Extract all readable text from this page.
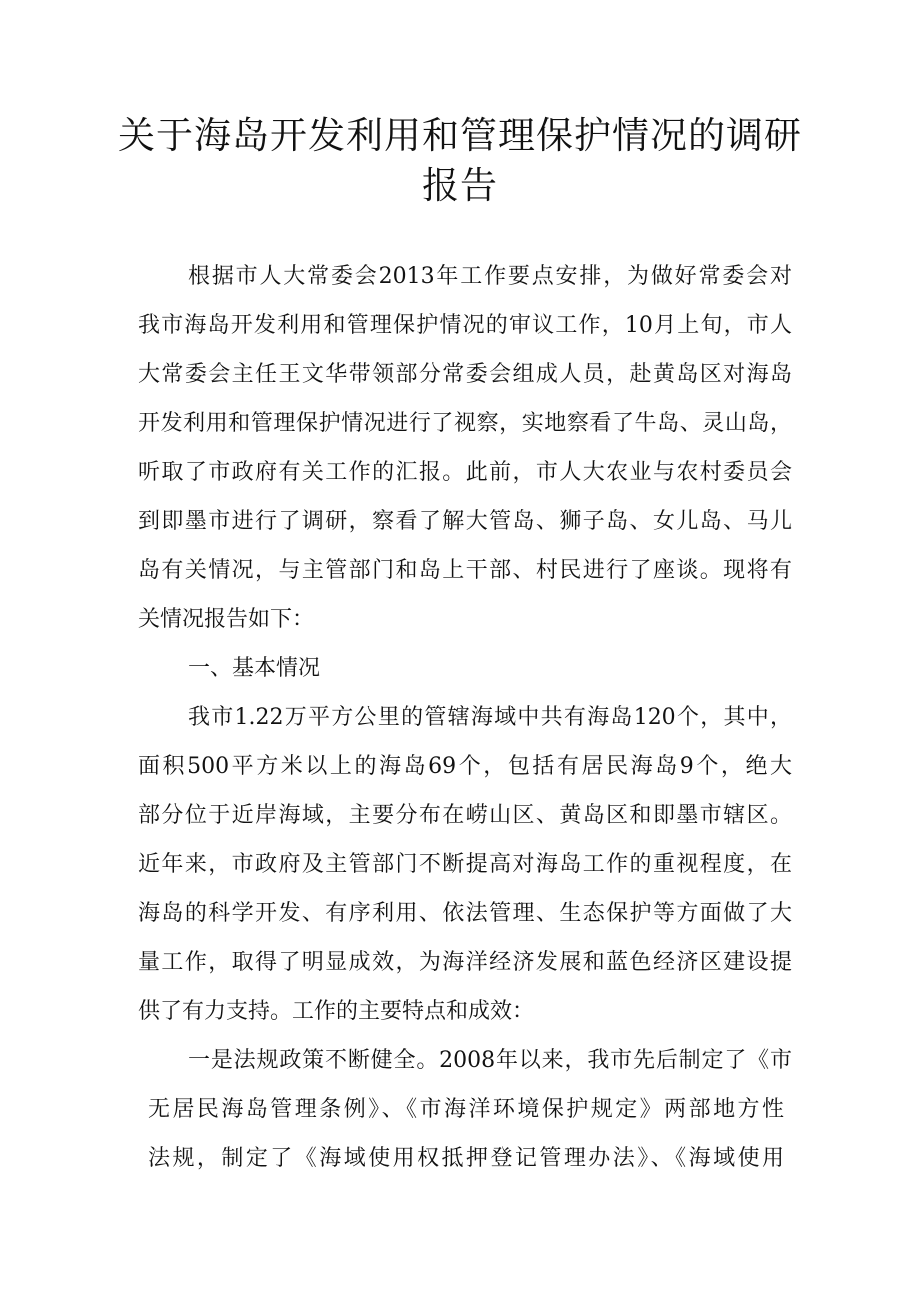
关于海岛开发利用和管理保护情况的调研
报告

根据市人大常委会2013年工作要点安排，为做好常委会对

我市海岛开发利用和管理保护情况的审议工作，10月上旬，市人

大常委会主任王文华带领部分常委会组成人员，赴黄岛区对海岛

开发利用和管理保护情况进行了视察，实地察看了牛岛、灵山岛，

听取了市政府有关工作的汇报。此前，市人大农业与农村委员会

到即墨市进行了调研，察看了解大管岛、狮子岛、女儿岛、马儿

岛有关情况，与主管部门和岛上干部、村民进行了座谈。现将有

关情况报告如下：

一、基本情况

我市1.22万平方公里的管辖海域中共有海岛120个，其中，

面积500平方米以上的海岛69个，包括有居民海岛9个，绝大

部分位于近岸海域，主要分布在崂山区、黄岛区和即墨市辖区。

近年来，市政府及主管部门不断提高对海岛工作的重视程度，在

海岛的科学开发、有序利用、依法管理、生态保护等方面做了大

量工作，取得了明显成效，为海洋经济发展和蓝色经济区建设提

供了有力支持。工作的主要特点和成效：

一是法规政策不断健全。2008年以来，我市先后制定了《市

无居民海岛管理条例》、《市海洋环境保护规定》两部地方性

法规，制定了《海域使用权抵押登记管理办法》、《海域使用
